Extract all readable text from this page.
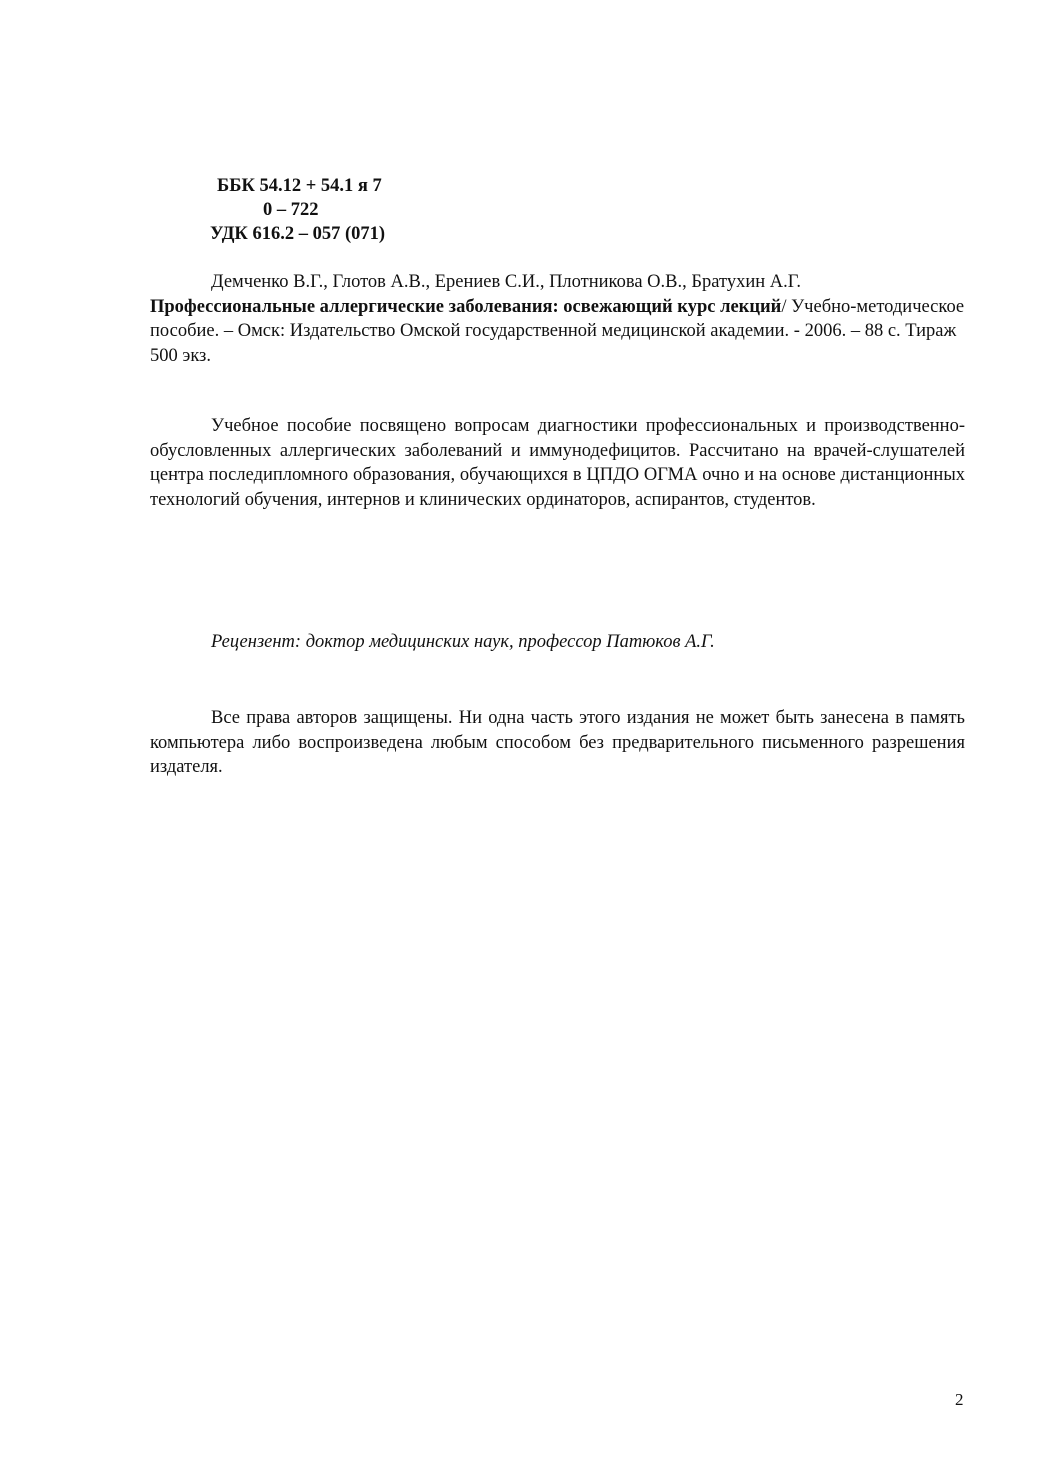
ББК 54.12 + 54.1 я 7
0 – 722
УДК 616.2 – 057 (071)

Демченко В.Г., Глотов А.В., Ерениев С.И., Плотникова О.В., Братухин А.Г.
Профессиональные аллергические заболевания: освежающий курс лекций/ Учебно-методическое пособие. – Омск: Издательство Омской государственной медицинской академии. - 2006. – 88 с. Тираж 500 экз.

Учебное пособие посвящено вопросам диагностики профессиональных и производственно-обусловленных аллергических заболеваний и иммунодефицитов. Рассчитано на врачей-слушателей центра последипломного образования, обучающихся в ЦПДО ОГМА очно и на основе дистанционных технологий обучения, интернов и клинических ординаторов, аспирантов, студентов.

Рецензент: доктор медицинских наук, профессор Патюков А.Г.

Все права авторов защищены. Ни одна часть этого издания не может быть занесена в память компьютера либо воспроизведена любым способом без предварительного письменного разрешения издателя.

2
